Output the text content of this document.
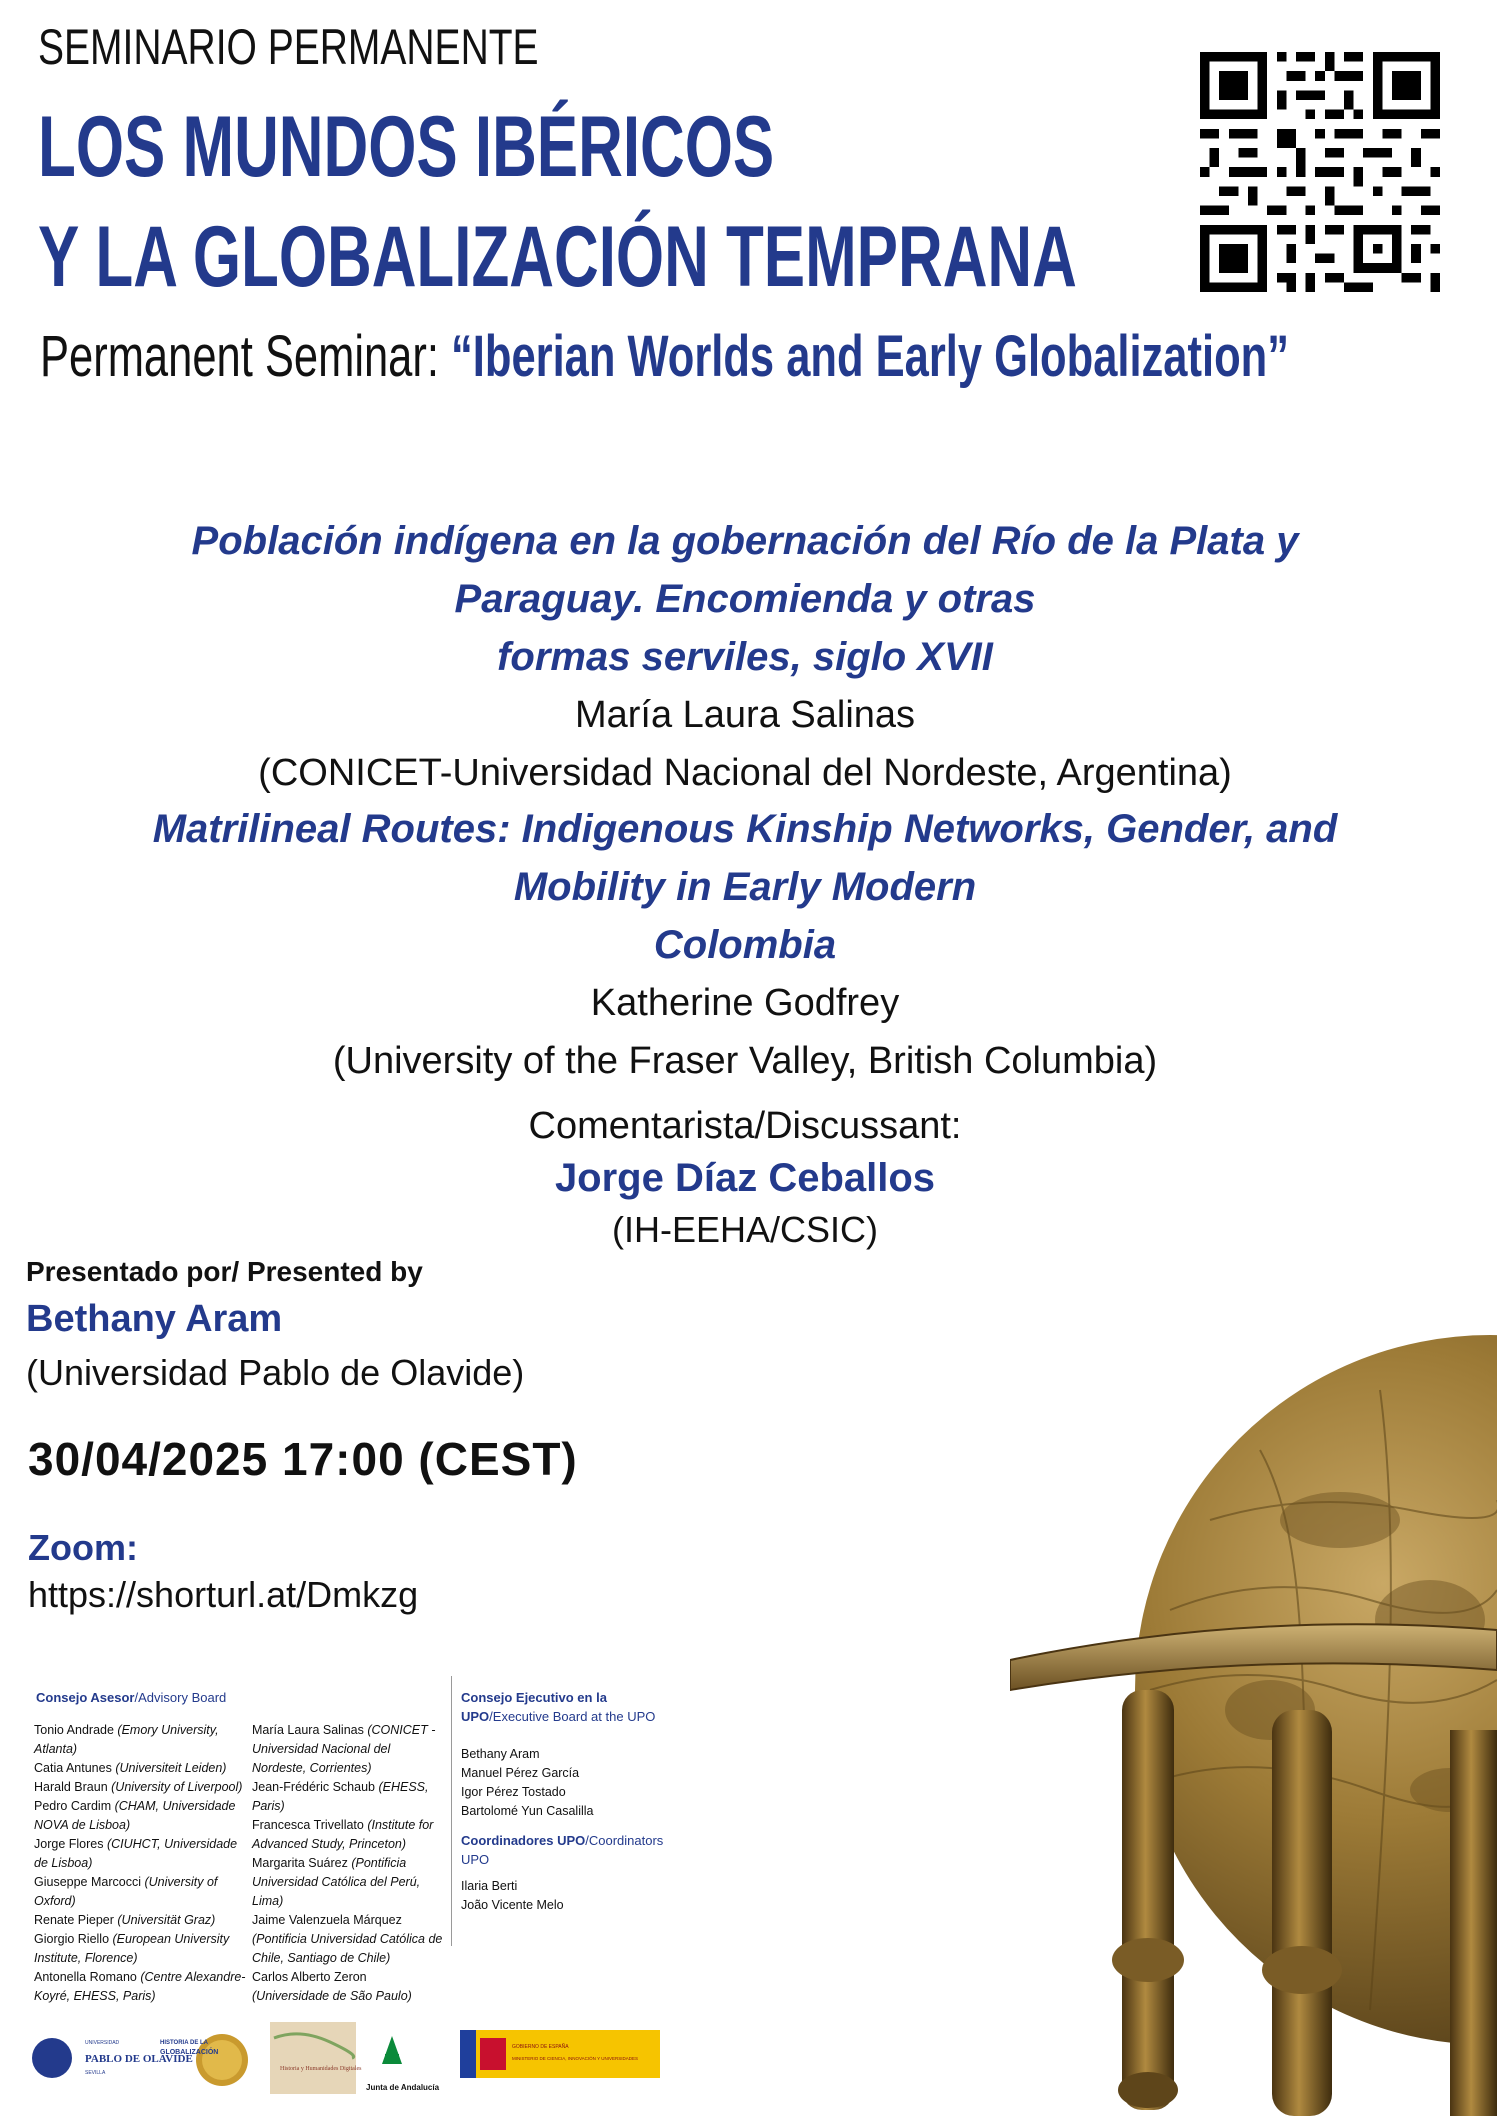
SEMINARIO PERMANENTE
LOS MUNDOS IBÉRICOS
Y LA GLOBALIZACIÓN TEMPRANA
Permanent Seminar: “Iberian Worlds and Early Globalization”
Población indígena en la gobernación del Río de la Plata y Paraguay. Encomienda y otras
formas serviles, siglo XVII
María Laura Salinas
(CONICET-Universidad Nacional del Nordeste, Argentina)
Matrilineal Routes: Indigenous Kinship Networks, Gender, and Mobility in Early Modern
Colombia
Katherine Godfrey
(University of the Fraser Valley, British Columbia)
Comentarista/Discussant:
Jorge Díaz Ceballos
(IH-EEHA/CSIC)
Presentado por/ Presented by
Bethany Aram
(Universidad Pablo de Olavide)
30/04/2025 17:00 (CEST)
Zoom:
https://shorturl.at/Dmkzg
Consejo Asesor/Advisory Board
Tonio Andrade (Emory University, Atlanta)
Catia Antunes (Universiteit Leiden)
Harald Braun (University of Liverpool)
Pedro Cardim (CHAM, Universidade NOVA de Lisboa)
Jorge Flores (CIUHCT, Universidade de Lisboa)
Giuseppe Marcocci (University of Oxford)
Renate Pieper (Universität Graz)
Giorgio Riello (European University Institute, Florence)
Antonella Romano (Centre Alexandre-Koyré, EHESS, Paris)
María Laura Salinas (CONICET - Universidad Nacional del Nordeste, Corrientes)
Jean-Frédéric Schaub (EHESS, Paris)
Francesca Trivellato (Institute for Advanced Study, Princeton)
Margarita Suárez (Pontificia Universidad Católica del Perú, Lima)
Jaime Valenzuela Márquez (Pontificia Universidad Católica de Chile, Santiago de Chile)
Carlos Alberto Zeron (Universidade de São Paulo)
Consejo Ejecutivo en la UPO/Executive Board at the UPO
Bethany Aram
Manuel Pérez García
Igor Pérez Tostado
Bartolomé Yun Casalilla
Coordinadores UPO/Coordinators UPO
Ilaria Berti
João Vicente Melo
UNIVERSIDAD
PABLO DE OLAVIDE
SEVILLA
HISTORIA DE LA
GLOBALIZACIÓN
Historia y Humanidades Digitales
Junta de Andalucía
GOBIERNO DE ESPAÑA
MINISTERIO DE CIENCIA, INNOVACIÓN Y UNIVERSIDADES
